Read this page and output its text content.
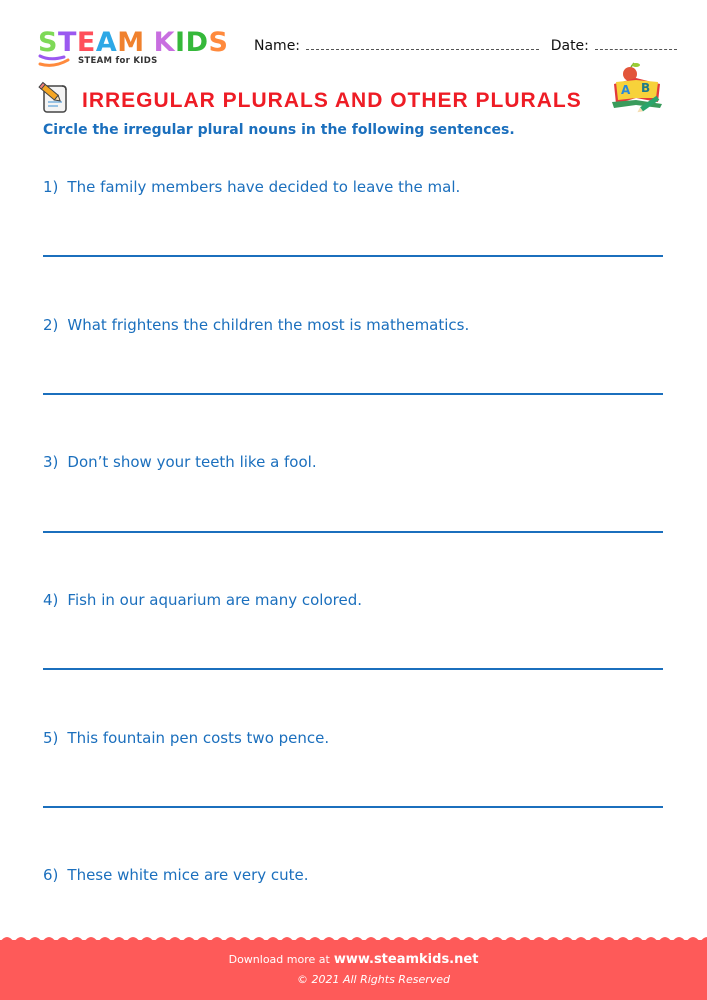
STEAM KIDS
STEAM for KIDS
Name:	Date:
IRREGULAR PLURALS AND OTHER PLURALS	A B
Circle the irregular plural nouns in the following sentences.
1) The family members have decided to leave the mal.
2) What frightens the children the most is mathematics.
3) Don’t show your teeth like a fool.
4) Fish in our aquarium are many colored.
5) This fountain pen costs two pence.
6) These white mice are very cute.
Download more at www.steamkids.net
© 2021 All Rights Reserved
